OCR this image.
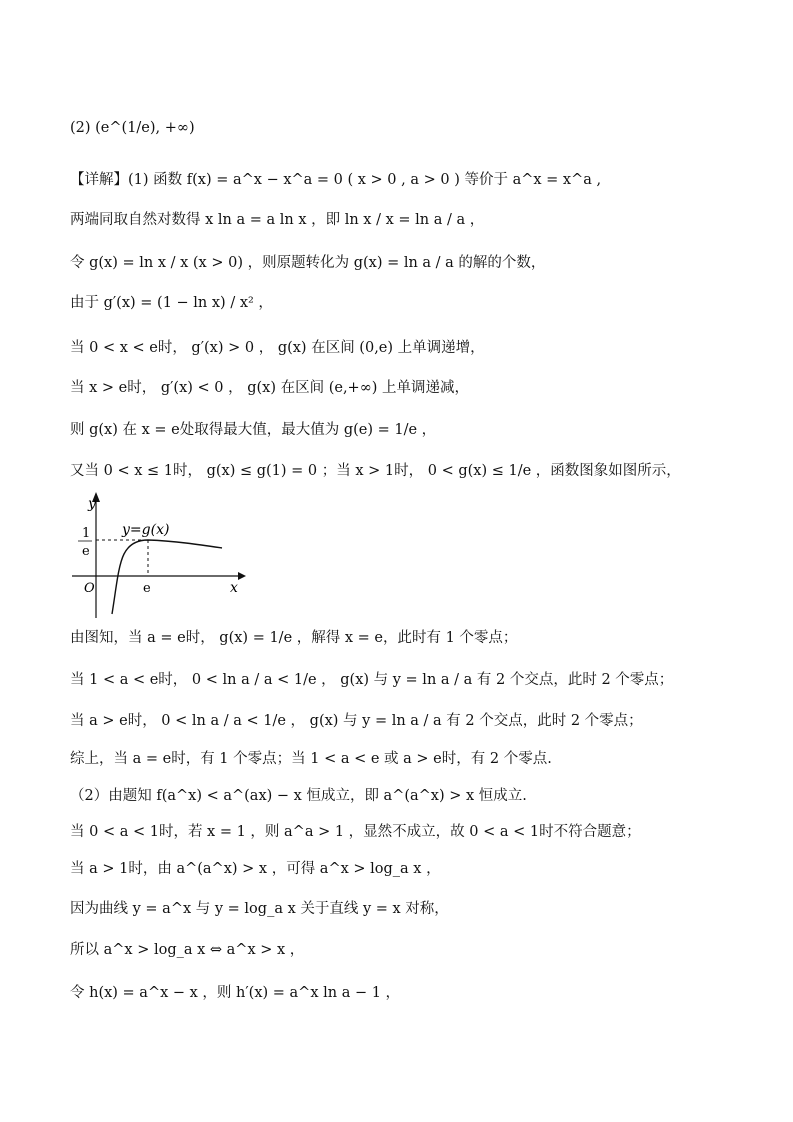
(2) (e^(1/e), +∞)
【详解】(1) 函数 f(x) = a^x − x^a = 0 ( x > 0 , a > 0 ) 等价于 a^x = x^a ,
两端同取自然对数得 x ln a = a ln x ，即 ln x / x = ln a / a ，
令 g(x) = ln x / x (x > 0) ，则原题转化为 g(x) = ln a / a 的解的个数，
由于 g′(x) = (1 − ln x) / x² ，
当 0 < x < e时， g′(x) > 0 ， g(x) 在区间 (0,e) 上单调递增，
当 x > e时， g′(x) < 0 ， g(x) 在区间 (e,+∞) 上单调递减，
则 g(x) 在 x = e处取得最大值，最大值为 g(e) = 1/e ，
又当 0 < x ≤ 1时， g(x) ≤ g(1) = 0 ；当 x > 1时， 0 < g(x) ≤ 1/e ，函数图象如图所示，
y
x
O
y=g(x)
1
e
e
由图知，当 a = e时， g(x) = 1/e ，解得 x = e，此时有 1 个零点；
当 1 < a < e时， 0 < ln a / a < 1/e ， g(x) 与 y = ln a / a 有 2 个交点，此时 2 个零点；
当 a > e时， 0 < ln a / a < 1/e ， g(x) 与 y = ln a / a 有 2 个交点，此时 2 个零点；
综上，当 a = e时，有 1 个零点；当 1 < a < e 或 a > e时，有 2 个零点.
（2）由题知 f(a^x) < a^(ax) − x 恒成立，即 a^(a^x) > x 恒成立.
当 0 < a < 1时，若 x = 1 ，则 a^a > 1 ，显然不成立，故 0 < a < 1时不符合题意；
当 a > 1时，由 a^(a^x) > x ，可得 a^x > log_a x ，
因为曲线 y = a^x 与 y = log_a x 关于直线 y = x 对称，
所以 a^x > log_a x ⇔ a^x > x ，
令 h(x) = a^x − x ，则 h′(x) = a^x ln a − 1 ，
